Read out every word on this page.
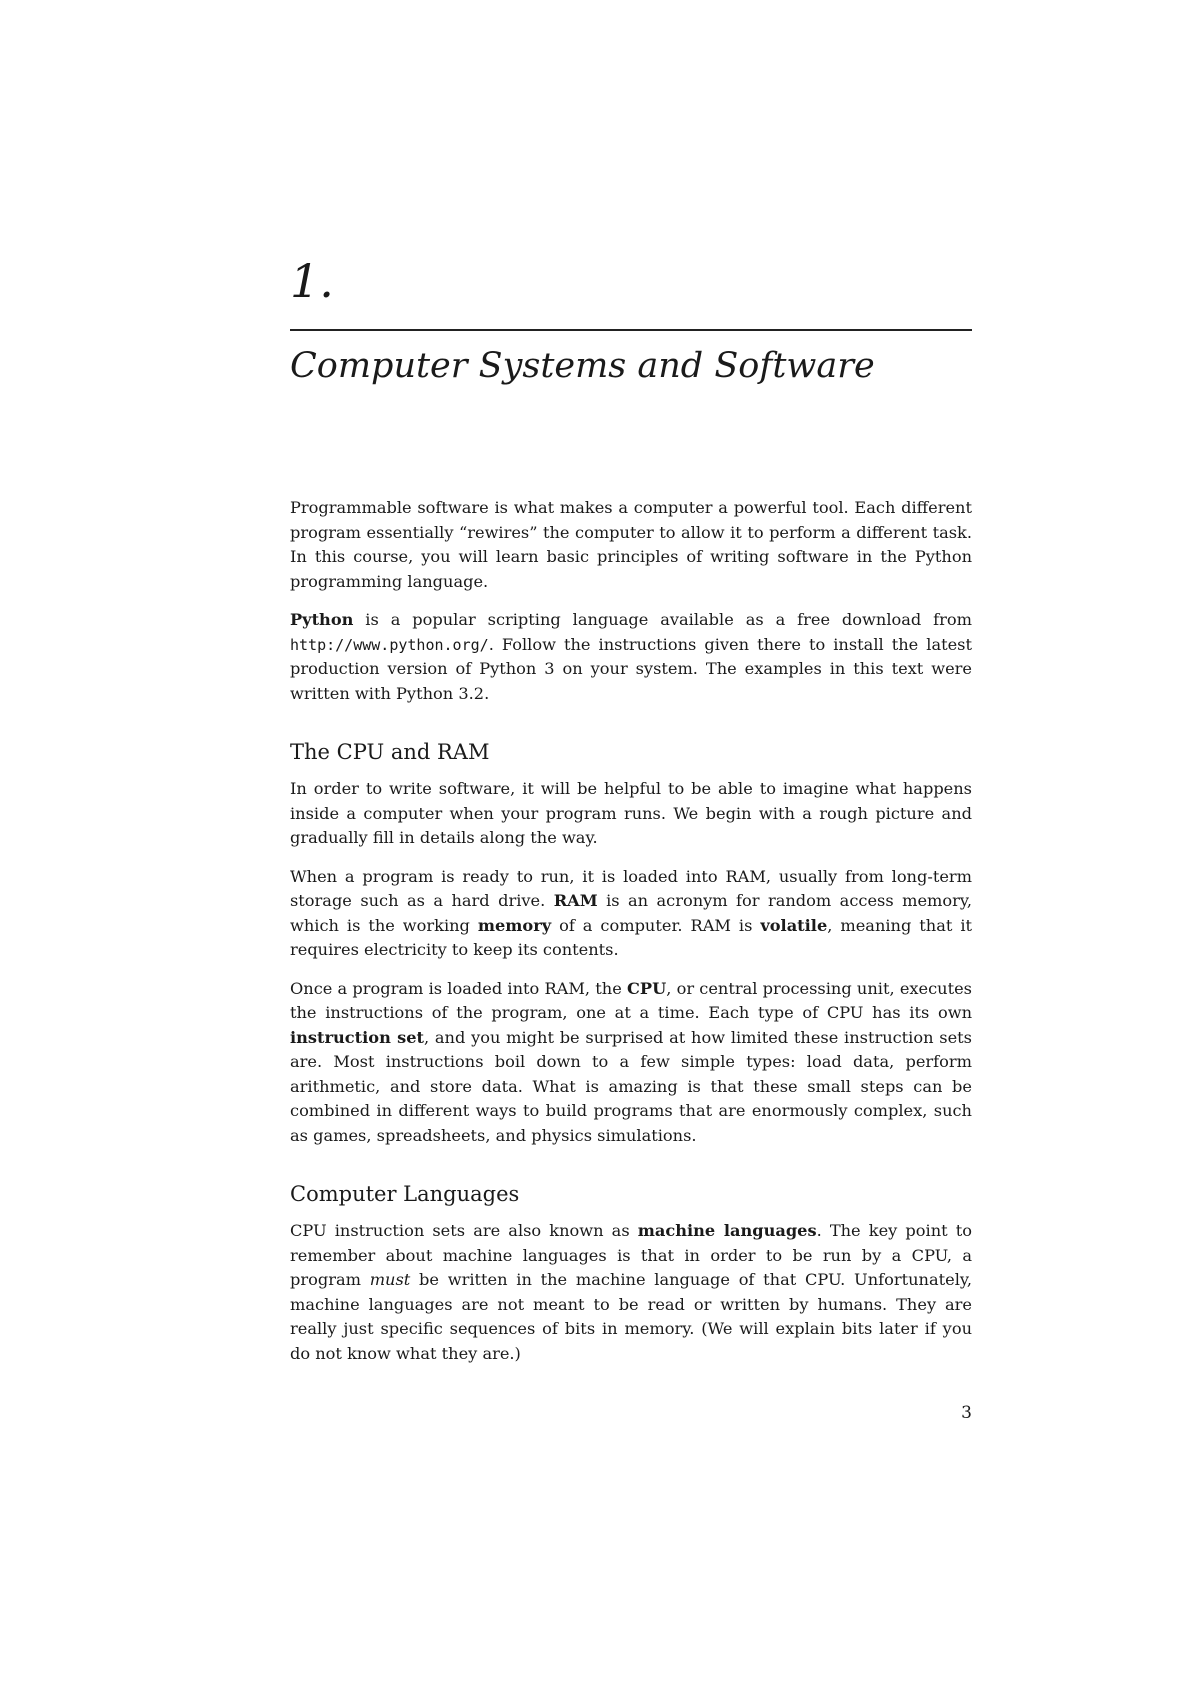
1.
Computer Systems and Software

Programmable software is what makes a computer a powerful tool. Each different program essentially “rewires” the computer to allow it to perform a different task. In this course, you will learn basic principles of writing software in the Python programming language.

Python is a popular scripting language available as a free download from http://www.python.org/. Follow the instructions given there to install the latest production version of Python 3 on your system. The examples in this text were written with Python 3.2.

The CPU and RAM

In order to write software, it will be helpful to be able to imagine what happens inside a computer when your program runs. We begin with a rough picture and gradually fill in details along the way.

When a program is ready to run, it is loaded into RAM, usually from long-term storage such as a hard drive. RAM is an acronym for random access memory, which is the working memory of a computer. RAM is volatile, meaning that it requires electricity to keep its contents.

Once a program is loaded into RAM, the CPU, or central processing unit, executes the instructions of the program, one at a time. Each type of CPU has its own instruction set, and you might be surprised at how limited these instruction sets are. Most instructions boil down to a few simple types: load data, perform arithmetic, and store data. What is amazing is that these small steps can be combined in different ways to build programs that are enormously complex, such as games, spreadsheets, and physics simulations.

Computer Languages

CPU instruction sets are also known as machine languages. The key point to remember about machine languages is that in order to be run by a CPU, a program must be written in the machine language of that CPU. Unfortunately, machine languages are not meant to be read or written by humans. They are really just specific sequences of bits in memory. (We will explain bits later if you do not know what they are.)

3
